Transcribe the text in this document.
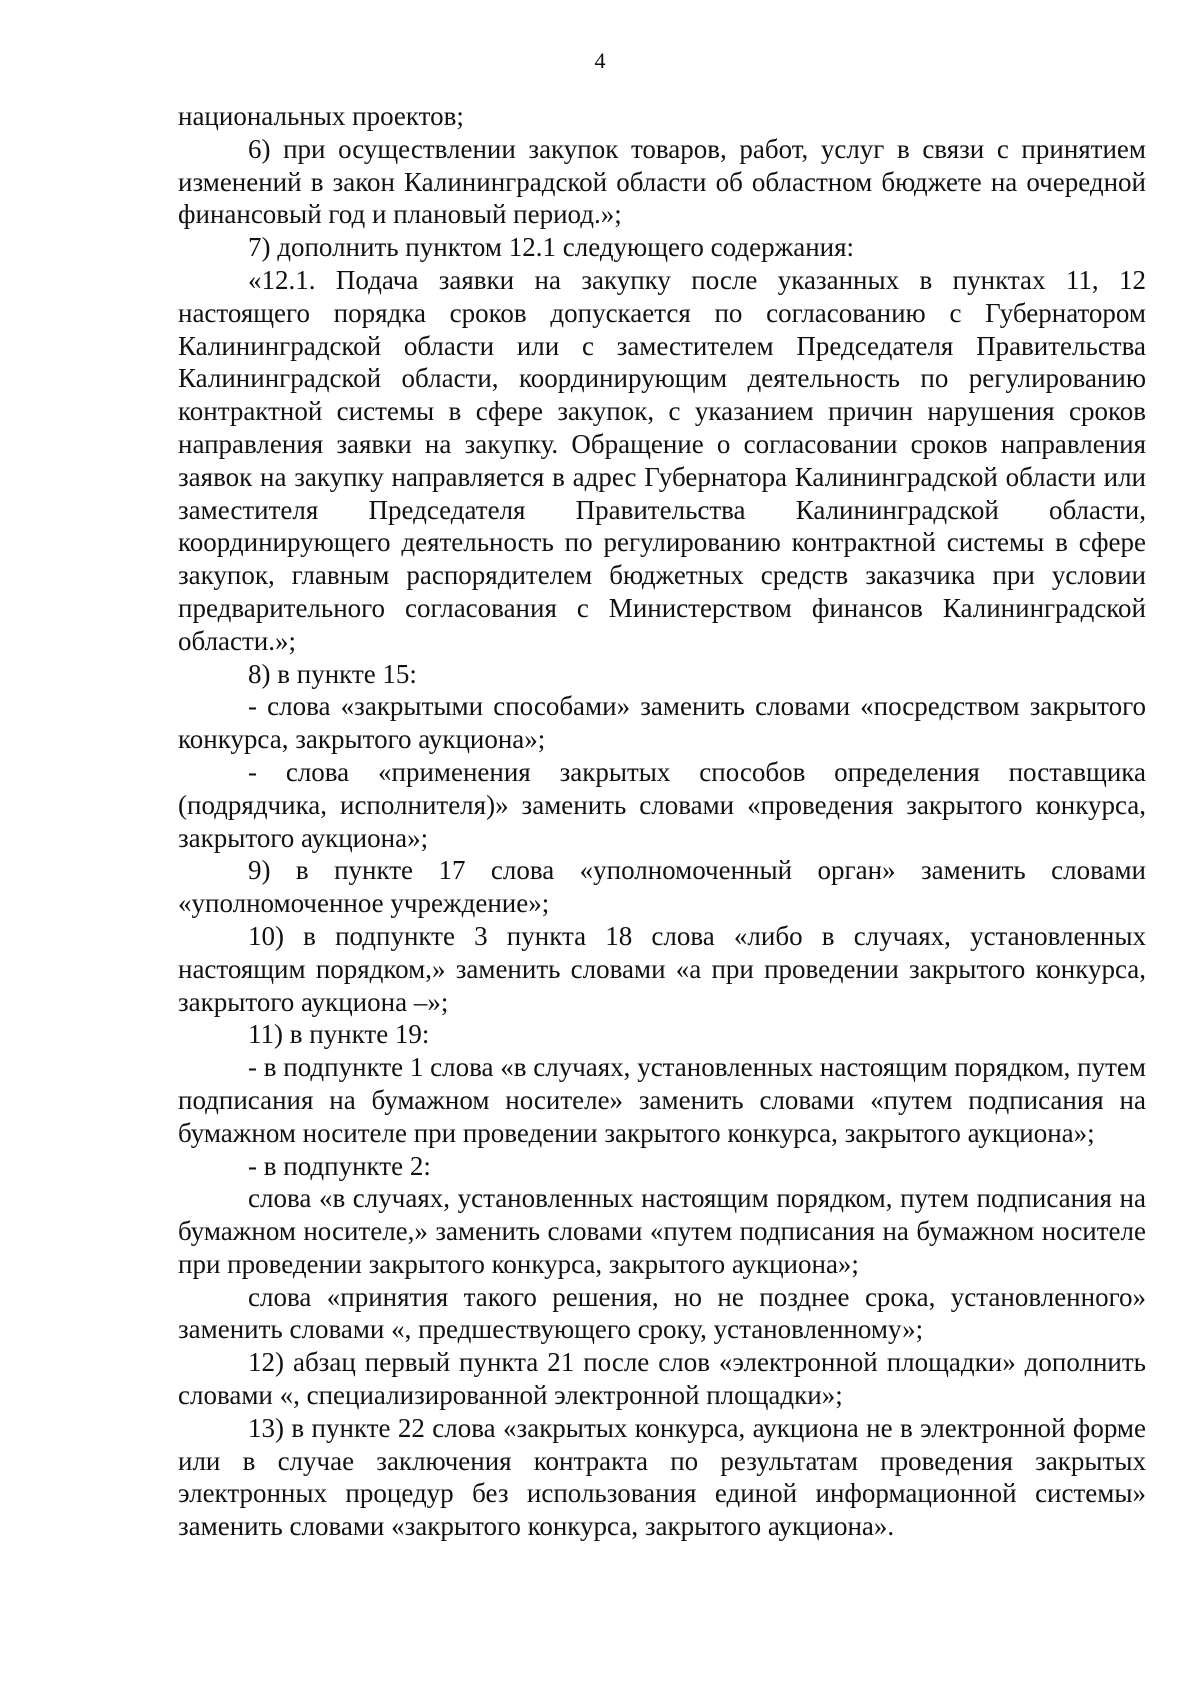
4

национальных проектов;

6) при осуществлении закупок товаров, работ, услуг в связи с принятием изменений в закон Калининградской области об областном бюджете на очередной финансовый год и плановый период.»;

7) дополнить пунктом 12.1 следующего содержания:

«12.1. Подача заявки на закупку после указанных в пунктах 11, 12 настоящего порядка сроков допускается по согласованию с Губернатором Калининградской области или с заместителем Председателя Правительства Калининградской области, координирующим деятельность по регулированию контрактной системы в сфере закупок, с указанием причин нарушения сроков направления заявки на закупку. Обращение о согласовании сроков направления заявок на закупку направляется в адрес Губернатора Калининградской области или заместителя Председателя Правительства Калининградской области, координирующего деятельность по регулированию контрактной системы в сфере закупок, главным распорядителем бюджетных средств заказчика при условии предварительного согласования с Министерством финансов Калининградской области.»;

8) в пункте 15:

- слова «закрытыми способами» заменить словами «посредством закрытого конкурса, закрытого аукциона»;

- слова «применения закрытых способов определения поставщика (подрядчика, исполнителя)» заменить словами «проведения закрытого конкурса, закрытого аукциона»;

9) в пункте 17 слова «уполномоченный орган» заменить словами «уполномоченное учреждение»;

10) в подпункте 3 пункта 18 слова «либо в случаях, установленных настоящим порядком,» заменить словами «а при проведении закрытого конкурса, закрытого аукциона –»;

11) в пункте 19:

- в подпункте 1 слова «в случаях, установленных настоящим порядком, путем подписания на бумажном носителе» заменить словами «путем подписания на бумажном носителе при проведении закрытого конкурса, закрытого аукциона»;

- в подпункте 2:

слова «в случаях, установленных настоящим порядком, путем подписания на бумажном носителе,» заменить словами «путем подписания на бумажном носителе при проведении закрытого конкурса, закрытого аукциона»;

слова «принятия такого решения, но не позднее срока, установленного» заменить словами «, предшествующего сроку, установленному»;

12) абзац первый пункта 21 после слов «электронной площадки» дополнить словами «, специализированной электронной площадки»;

13) в пункте 22 слова «закрытых конкурса, аукциона не в электронной форме или в случае заключения контракта по результатам проведения закрытых электронных процедур без использования единой информационной системы» заменить словами «закрытого конкурса, закрытого аукциона».
